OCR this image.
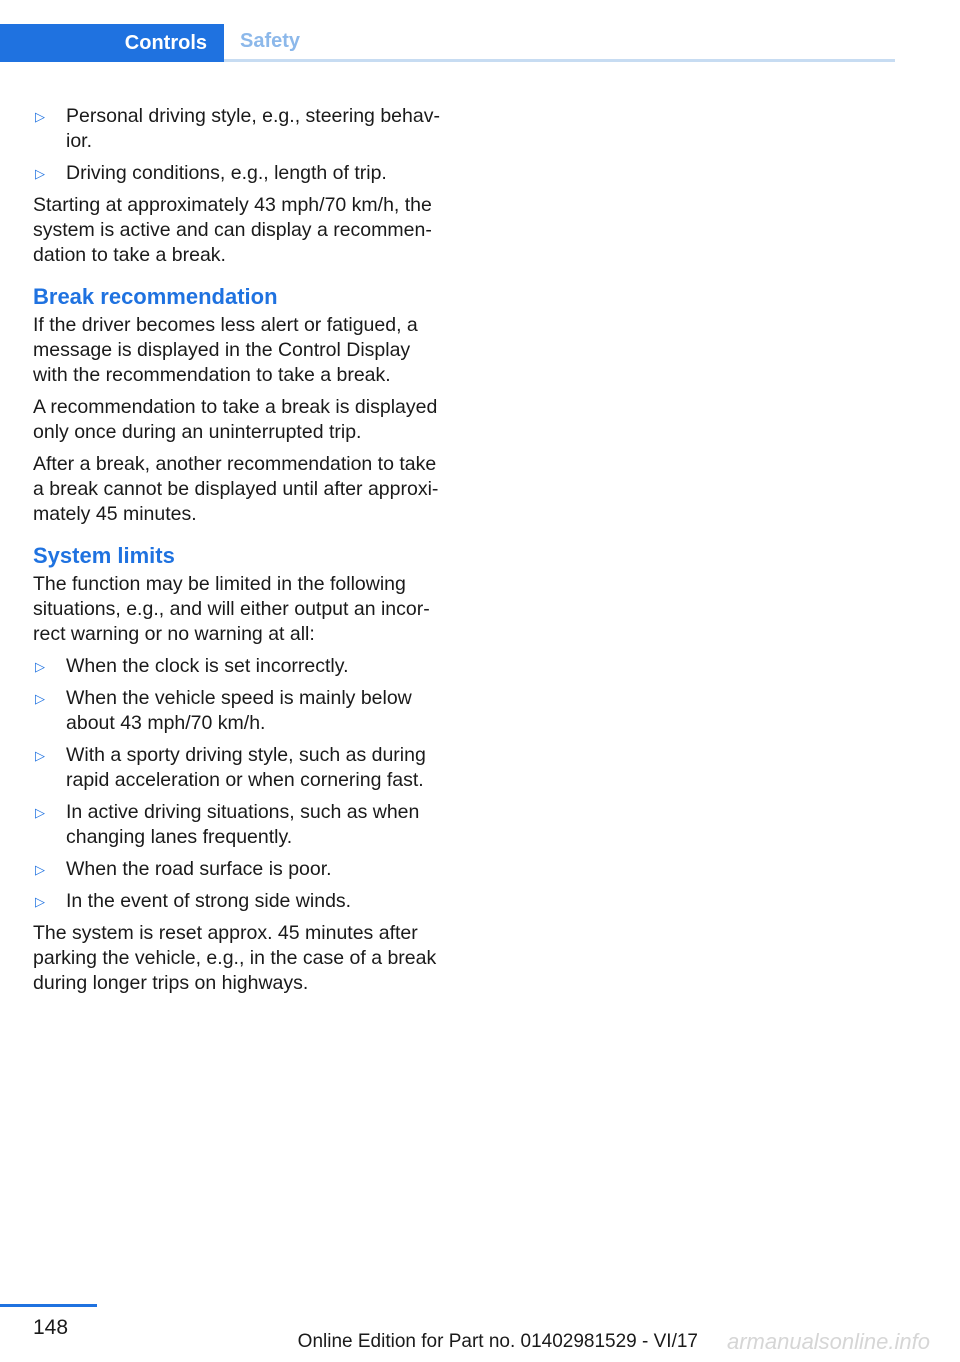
Controls Safety
▷	Personal driving style, e.g., steering behav-ior.
▷	Driving conditions, e.g., length of trip.

Starting at approximately 43 mph/70 km/h, the system is active and can display a recommen-dation to take a break.

Break recommendation

If the driver becomes less alert or fatigued, a message is displayed in the Control Display with the recommendation to take a break.

A recommendation to take a break is displayed only once during an uninterrupted trip.

After a break, another recommendation to take a break cannot be displayed until after approxi-mately 45 minutes.

System limits

The function may be limited in the following situations, e.g., and will either output an incor-rect warning or no warning at all:

▷	When the clock is set incorrectly.
▷	When the vehicle speed is mainly below about 43 mph/70 km/h.
▷	With a sporty driving style, such as during rapid acceleration or when cornering fast.
▷	In active driving situations, such as when changing lanes frequently.
▷	When the road surface is poor.
▷	In the event of strong side winds.

The system is reset approx. 45 minutes after parking the vehicle, e.g., in the case of a break during longer trips on highways.

148
Online Edition for Part no. 01402981529 - VI/17 armanualsonline.info
